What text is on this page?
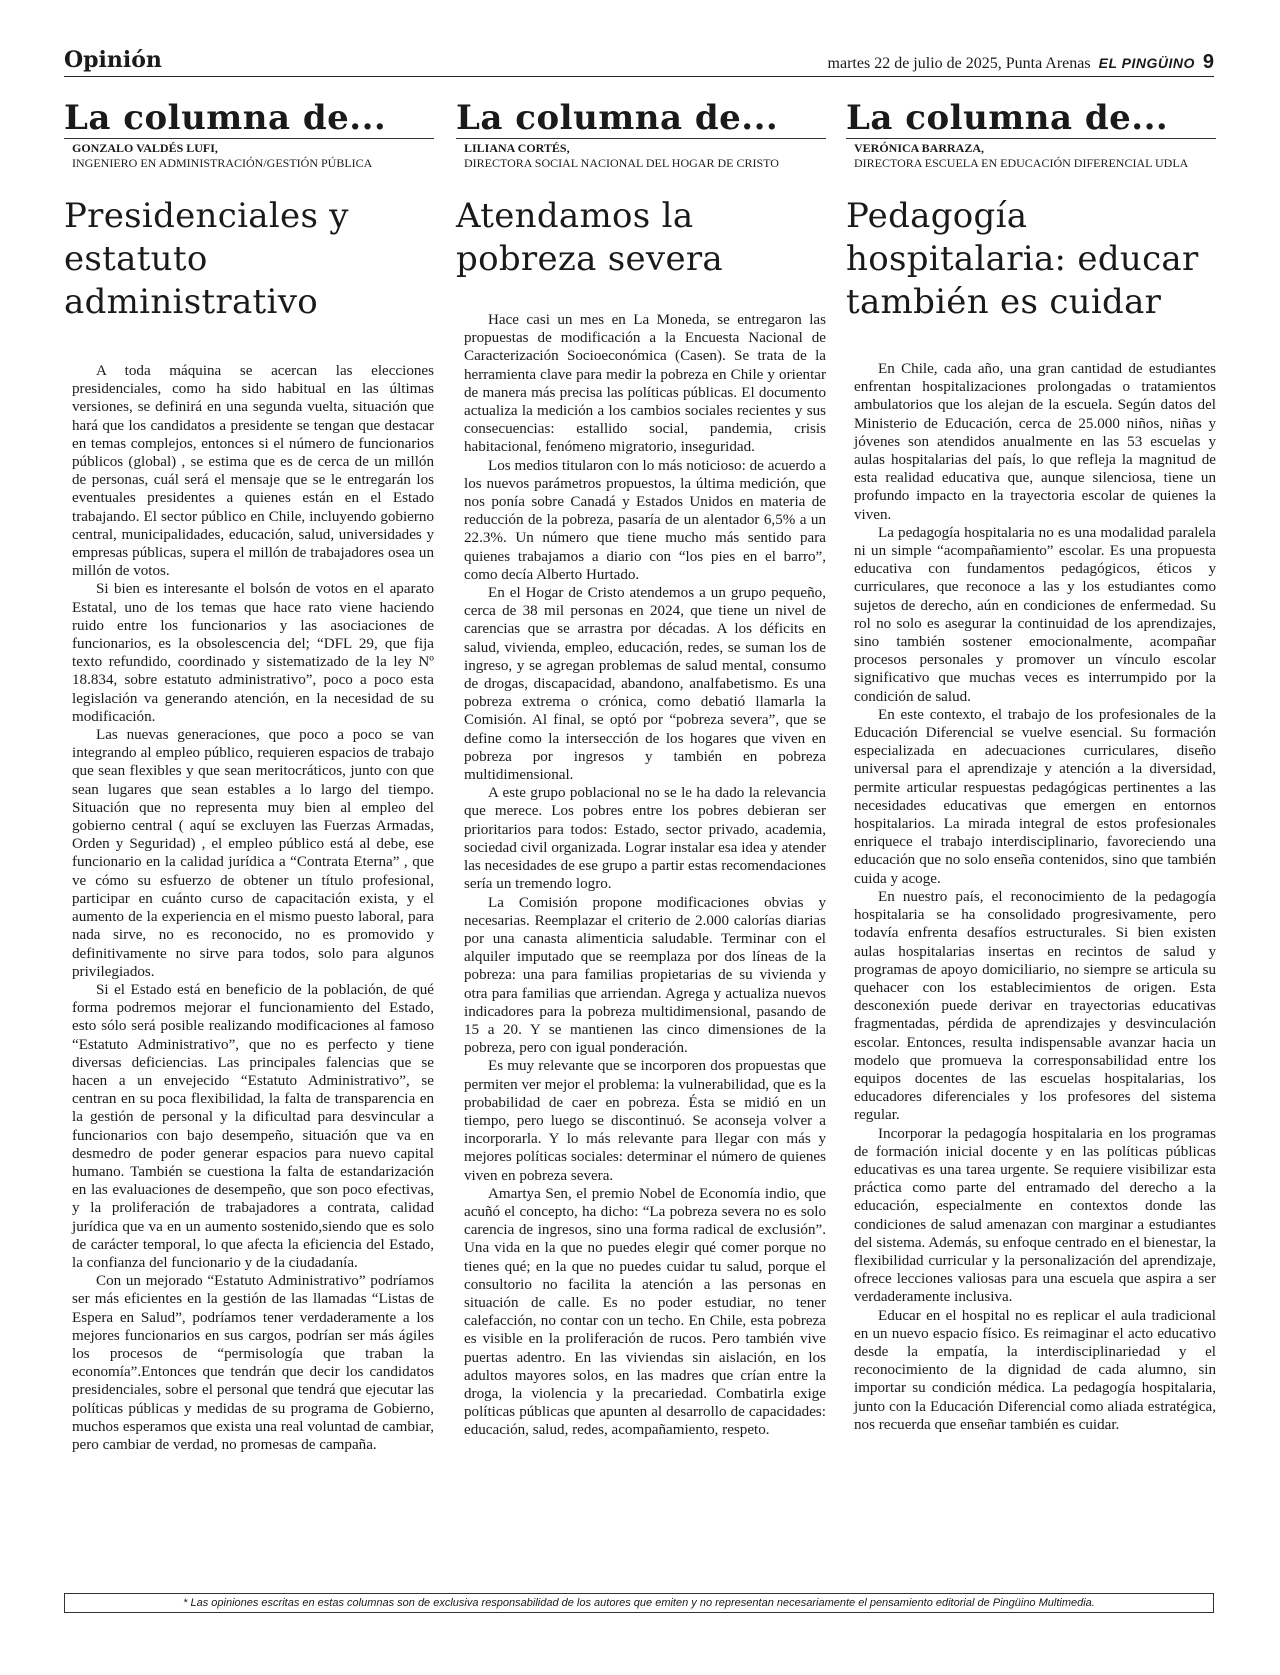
Opinión	martes 22 de julio de 2025, Punta Arenas EL PINGÜINO 9
La columna de...
GONZALO VALDÉS LUFI,
INGENIERO EN ADMINISTRACIÓN/GESTIÓN PÚBLICA
Presidenciales y estatuto administrativo

A toda máquina se acercan las elecciones presidenciales, como ha sido habitual en las últimas versiones, se definirá en una segunda vuelta, situación que hará que los candidatos a presidente se tengan que destacar en temas complejos, entonces si el número de funcionarios públicos (global) , se estima que es de cerca de un millón de personas, cuál será el mensaje que se le entregarán los eventuales presidentes a quienes están en el Estado trabajando. El sector público en Chile, incluyendo gobierno central, municipalidades, educación, salud, universidades y empresas públicas, supera el millón de trabajadores osea un millón de votos.

Si bien es interesante el bolsón de votos en el aparato Estatal, uno de los temas que hace rato viene haciendo ruido entre los funcionarios y las asociaciones de funcionarios, es la obsolescencia del; “DFL 29, que fija texto refundido, coordinado y sistematizado de la ley Nº 18.834, sobre estatuto administrativo”, poco a poco esta legislación va generando atención, en la necesidad de su modificación.

Las nuevas generaciones, que poco a poco se van integrando al empleo público, requieren espacios de trabajo que sean flexibles y que sean meritocráticos, junto con que sean lugares que sean estables a lo largo del tiempo. Situación que no representa muy bien al empleo del gobierno central ( aquí se excluyen las Fuerzas Armadas, Orden y Seguridad) , el empleo público está al debe, ese funcionario en la calidad jurídica a “Contrata Eterna” , que ve cómo su esfuerzo de obtener un título profesional, participar en cuánto curso de capacitación exista, y el aumento de la experiencia en el mismo puesto laboral, para nada sirve, no es reconocido, no es promovido y definitivamente no sirve para todos, solo para algunos privilegiados.

Si el Estado está en beneficio de la población, de qué forma podremos mejorar el funcionamiento del Estado, esto sólo será posible realizando modificaciones al famoso “Estatuto Administrativo”, que no es perfecto y tiene diversas deficiencias. Las principales falencias que se hacen a un envejecido “Estatuto Administrativo”, se centran en su poca flexibilidad, la falta de transparencia en la gestión de personal y la dificultad para desvincular a funcionarios con bajo desempeño, situación que va en desmedro de poder generar espacios para nuevo capital humano. También se cuestiona la falta de estandarización en las evaluaciones de desempeño, que son poco efectivas, y la proliferación de trabajadores a contrata, calidad jurídica que va en un aumento sostenido,siendo que es solo de carácter temporal, lo que afecta la eficiencia del Estado, la confianza del funcionario y de la ciudadanía.

Con un mejorado “Estatuto Administrativo” podríamos ser más eficientes en la gestión de las llamadas “Listas de Espera en Salud”, podríamos tener verdaderamente a los mejores funcionarios en sus cargos, podrían ser más ágiles los procesos de “permisología que traban la economía”.Entonces que tendrán que decir los candidatos presidenciales, sobre el personal que tendrá que ejecutar las políticas públicas y medidas de su programa de Gobierno, muchos esperamos que exista una real voluntad de cambiar, pero cambiar de verdad, no promesas de campaña.

La columna de...
LILIANA CORTÉS,
DIRECTORA SOCIAL NACIONAL DEL HOGAR DE CRISTO
Atendamos la pobreza severa

Hace casi un mes en La Moneda, se entregaron las propuestas de modificación a la Encuesta Nacional de Caracterización Socioeconómica (Casen). Se trata de la herramienta clave para medir la pobreza en Chile y orientar de manera más precisa las políticas públicas. El documento actualiza la medición a los cambios sociales recientes y sus consecuencias: estallido social, pandemia, crisis habitacional, fenómeno migratorio, inseguridad.

Los medios titularon con lo más noticioso: de acuerdo a los nuevos parámetros propuestos, la última medición, que nos ponía sobre Canadá y Estados Unidos en materia de reducción de la pobreza, pasaría de un alentador 6,5% a un 22.3%. Un número que tiene mucho más sentido para quienes trabajamos a diario con “los pies en el barro”, como decía Alberto Hurtado.

En el Hogar de Cristo atendemos a un grupo pequeño, cerca de 38 mil personas en 2024, que tiene un nivel de carencias que se arrastra por décadas. A los déficits en salud, vivienda, empleo, educación, redes, se suman los de ingreso, y se agregan problemas de salud mental, consumo de drogas, discapacidad, abandono, analfabetismo. Es una pobreza extrema o crónica, como debatió llamarla la Comisión. Al final, se optó por “pobreza severa”, que se define como la intersección de los hogares que viven en pobreza por ingresos y también en pobreza multidimensional.

A este grupo poblacional no se le ha dado la relevancia que merece. Los pobres entre los pobres debieran ser prioritarios para todos: Estado, sector privado, academia, sociedad civil organizada. Lograr instalar esa idea y atender las necesidades de ese grupo a partir estas recomendaciones sería un tremendo logro.

La Comisión propone modificaciones obvias y necesarias. Reemplazar el criterio de 2.000 calorías diarias por una canasta alimenticia saludable. Terminar con el alquiler imputado que se reemplaza por dos líneas de la pobreza: una para familias propietarias de su vivienda y otra para familias que arriendan. Agrega y actualiza nuevos indicadores para la pobreza multidimensional, pasando de 15 a 20. Y se mantienen las cinco dimensiones de la pobreza, pero con igual ponderación.

Es muy relevante que se incorporen dos propuestas que permiten ver mejor el problema: la vulnerabilidad, que es la probabilidad de caer en pobreza. Ésta se midió en un tiempo, pero luego se discontinuó. Se aconseja volver a incorporarla. Y lo más relevante para llegar con más y mejores políticas sociales: determinar el número de quienes viven en pobreza severa.

Amartya Sen, el premio Nobel de Economía indio, que acuñó el concepto, ha dicho: “La pobreza severa no es solo carencia de ingresos, sino una forma radical de exclusión”. Una vida en la que no puedes elegir qué comer porque no tienes qué; en la que no puedes cuidar tu salud, porque el consultorio no facilita la atención a las personas en situación de calle. Es no poder estudiar, no tener calefacción, no contar con un techo. En Chile, esta pobreza es visible en la proliferación de rucos. Pero también vive puertas adentro. En las viviendas sin aislación, en los adultos mayores solos, en las madres que crían entre la droga, la violencia y la precariedad. Combatirla exige políticas públicas que apunten al desarrollo de capacidades: educación, salud, redes, acompañamiento, respeto.

La columna de...
VERÓNICA BARRAZA,
DIRECTORA ESCUELA EN EDUCACIÓN DIFERENCIAL UDLA
Pedagogía hospitalaria: educar también es cuidar

En Chile, cada año, una gran cantidad de estudiantes enfrentan hospitalizaciones prolongadas o tratamientos ambulatorios que los alejan de la escuela. Según datos del Ministerio de Educación, cerca de 25.000 niños, niñas y jóvenes son atendidos anualmente en las 53 escuelas y aulas hospitalarias del país, lo que refleja la magnitud de esta realidad educativa que, aunque silenciosa, tiene un profundo impacto en la trayectoria escolar de quienes la viven.

La pedagogía hospitalaria no es una modalidad paralela ni un simple “acompañamiento” escolar. Es una propuesta educativa con fundamentos pedagógicos, éticos y curriculares, que reconoce a las y los estudiantes como sujetos de derecho, aún en condiciones de enfermedad. Su rol no solo es asegurar la continuidad de los aprendizajes, sino también sostener emocionalmente, acompañar procesos personales y promover un vínculo escolar significativo que muchas veces es interrumpido por la condición de salud.

En este contexto, el trabajo de los profesionales de la Educación Diferencial se vuelve esencial. Su formación especializada en adecuaciones curriculares, diseño universal para el aprendizaje y atención a la diversidad, permite articular respuestas pedagógicas pertinentes a las necesidades educativas que emergen en entornos hospitalarios. La mirada integral de estos profesionales enriquece el trabajo interdisciplinario, favoreciendo una educación que no solo enseña contenidos, sino que también cuida y acoge.

En nuestro país, el reconocimiento de la pedagogía hospitalaria se ha consolidado progresivamente, pero todavía enfrenta desafíos estructurales. Si bien existen aulas hospitalarias insertas en recintos de salud y programas de apoyo domiciliario, no siempre se articula su quehacer con los establecimientos de origen. Esta desconexión puede derivar en trayectorias educativas fragmentadas, pérdida de aprendizajes y desvinculación escolar. Entonces, resulta indispensable avanzar hacia un modelo que promueva la corresponsabilidad entre los equipos docentes de las escuelas hospitalarias, los educadores diferenciales y los profesores del sistema regular.

Incorporar la pedagogía hospitalaria en los programas de formación inicial docente y en las políticas públicas educativas es una tarea urgente. Se requiere visibilizar esta práctica como parte del entramado del derecho a la educación, especialmente en contextos donde las condiciones de salud amenazan con marginar a estudiantes del sistema. Además, su enfoque centrado en el bienestar, la flexibilidad curricular y la personalización del aprendizaje, ofrece lecciones valiosas para una escuela que aspira a ser verdaderamente inclusiva.

Educar en el hospital no es replicar el aula tradicional en un nuevo espacio físico. Es reimaginar el acto educativo desde la empatía, la interdisciplinariedad y el reconocimiento de la dignidad de cada alumno, sin importar su condición médica. La pedagogía hospitalaria, junto con la Educación Diferencial como aliada estratégica, nos recuerda que enseñar también es cuidar.

* Las opiniones escritas en estas columnas son de exclusiva responsabilidad de los autores que emiten y no representan necesariamente el pensamiento editorial de Pingüino Multimedia.
